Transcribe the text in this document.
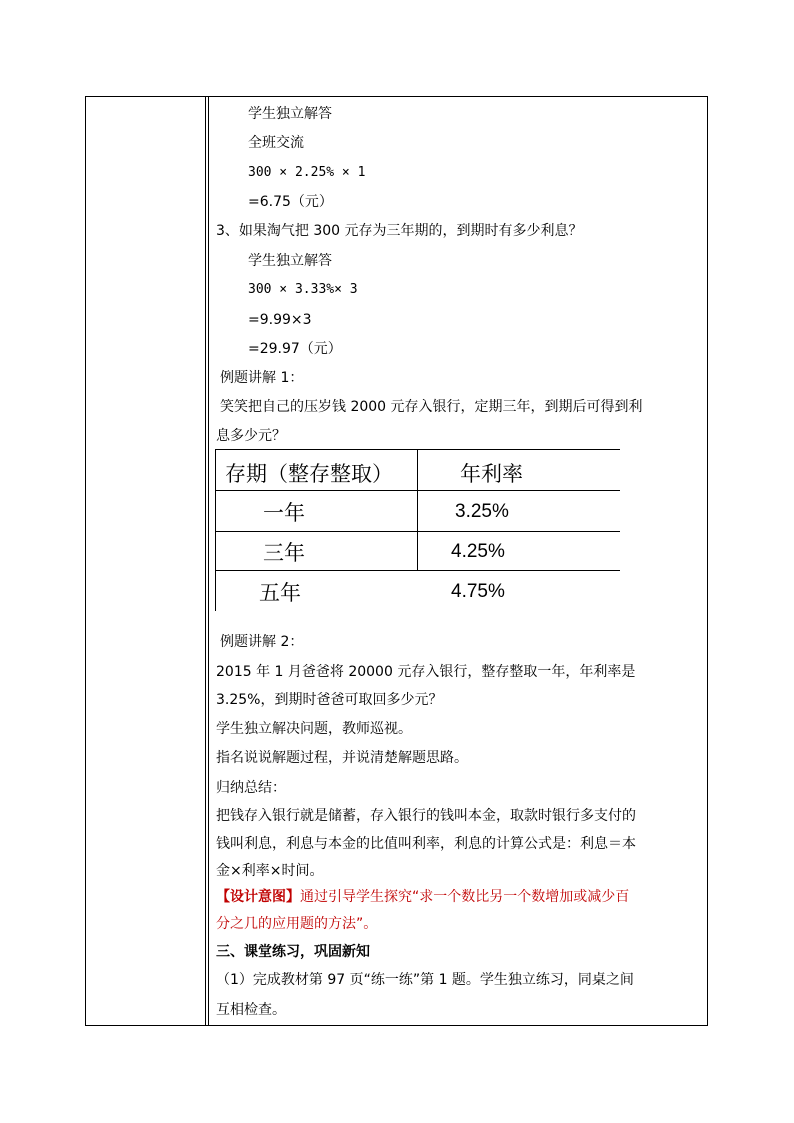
学生独立解答
全班交流
300 × 2.25% × 1
=6.75（元）
3、如果淘气把 300 元存为三年期的，到期时有多少利息？
学生独立解答
300 × 3.33%× 3
=9.99×3
=29.97（元）
例题讲解 1：
笑笑把自己的压岁钱 2000 元存入银行，定期三年，到期后可得到利
息多少元？
例题讲解 2：
2015 年 1 月爸爸将 20000 元存入银行，整存整取一年，年利率是
3.25%，到期时爸爸可取回多少元？
学生独立解决问题，教师巡视。
指名说说解题过程，并说清楚解题思路。
归纳总结：
把钱存入银行就是储蓄，存入银行的钱叫本金，取款时银行多支付的
钱叫利息，利息与本金的比值叫利率，利息的计算公式是：利息＝本
金×利率×时间。
三、课堂练习，巩固新知
（1）完成教材第 97 页“练一练”第 1 题。学生独立练习，同桌之间
互相检查。
【设计意图】通过引导学生探究“求一个数比另一个数增加或减少百
分之几的应用题的方法”。
存期（整存整取）	年利率
一年	3.25%
三年	4.25%
五年	4.75%
